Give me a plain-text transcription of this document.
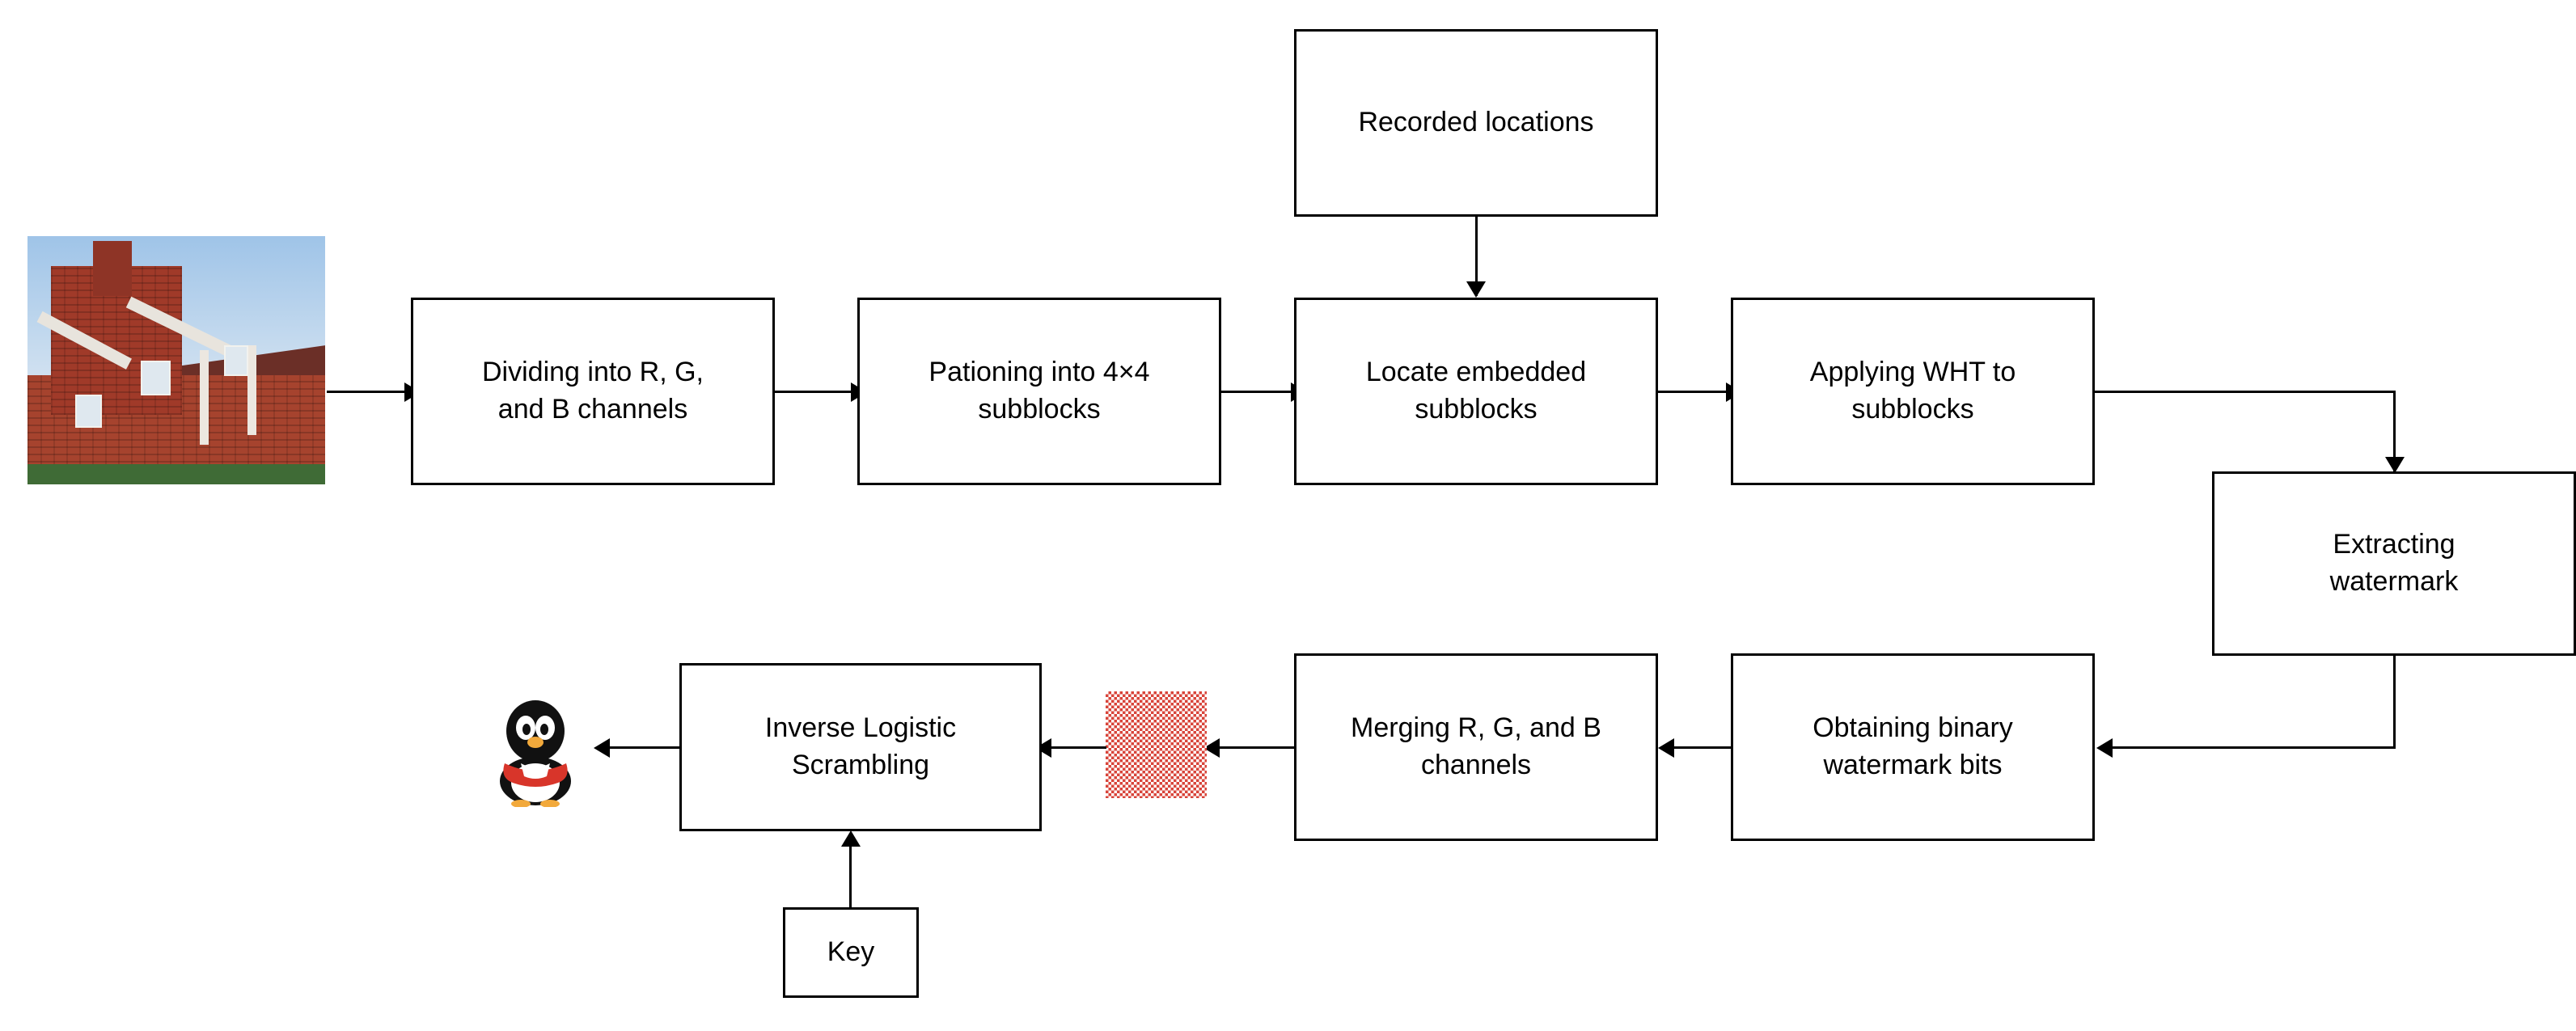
Recorded locations
Dividing into R, G,
and B channels
Pationing into 4×4
subblocks
Locate embedded
subblocks
Applying WHT to
subblocks
Extracting
watermark
Obtaining binary
watermark bits
Merging R, G, and B
channels
Inverse Logistic
Scrambling
Key
